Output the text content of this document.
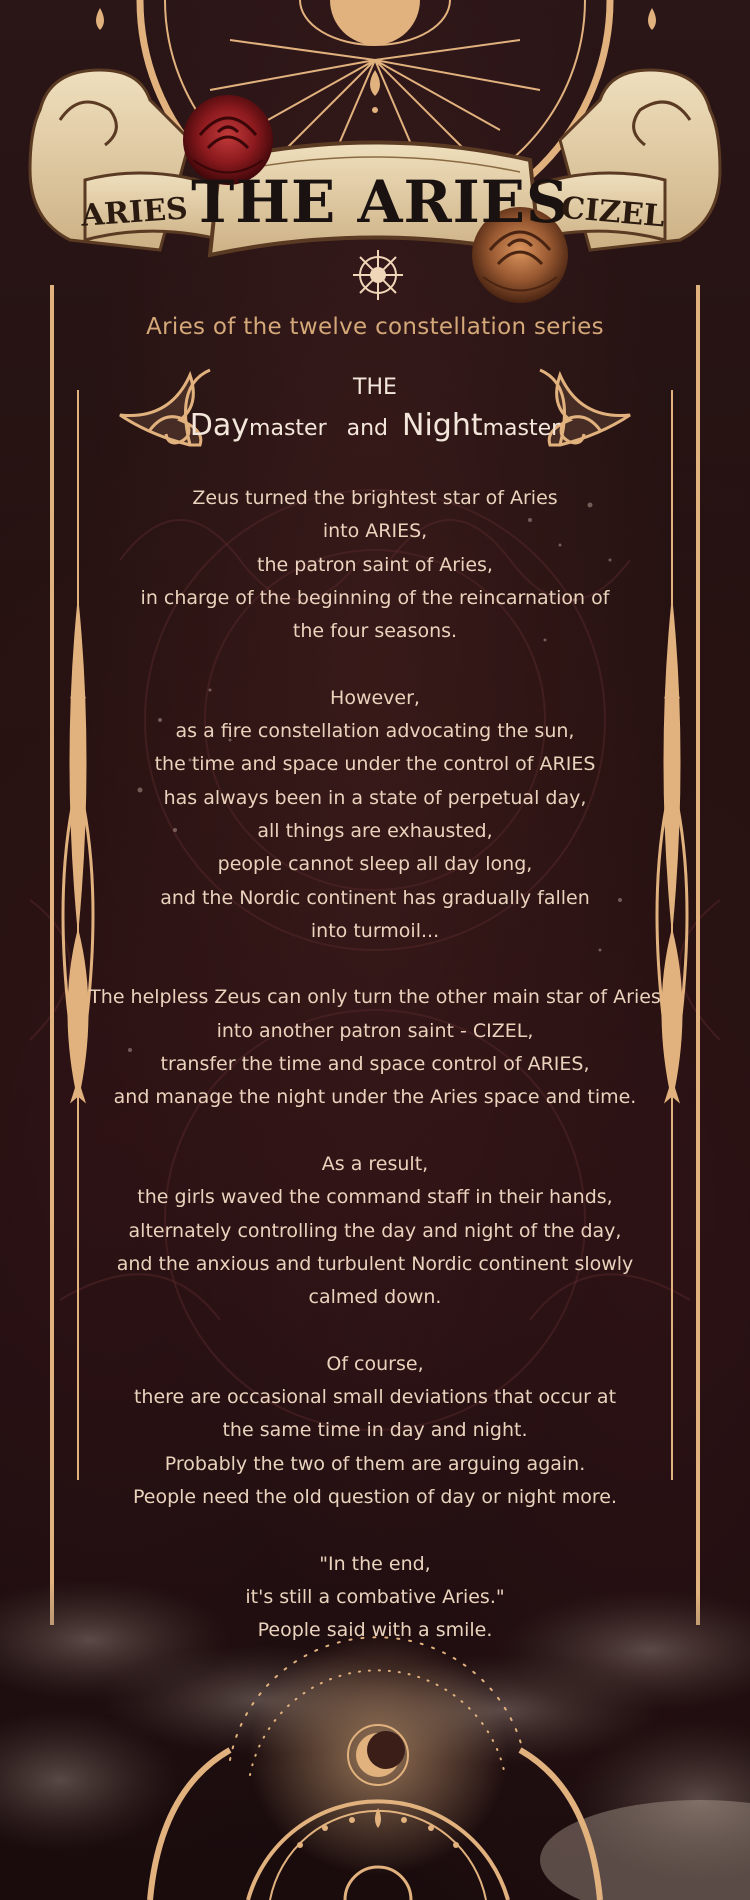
THE ARIES
ARIES	CIZEL
Aries of the twelve constellation series
THE
Daymaster and Nightmaster
Zeus turned the brightest star of Aries
into ARIES,
the patron saint of Aries,
in charge of the beginning of the reincarnation of
the four seasons.
However,
as a fire constellation advocating the sun,
the time and space under the control of ARIES
has always been in a state of perpetual day,
all things are exhausted,
people cannot sleep all day long,
and the Nordic continent has gradually fallen
into turmoil...
The helpless Zeus can only turn the other main star of Aries
into another patron saint - CIZEL,
transfer the time and space control of ARIES,
and manage the night under the Aries space and time.
As a result,
the girls waved the command staff in their hands,
alternately controlling the day and night of the day,
and the anxious and turbulent Nordic continent slowly
calmed down.
Of course,
there are occasional small deviations that occur at
the same time in day and night.
Probably the two of them are arguing again.
People need the old question of day or night more.
"In the end,
it's still a combative Aries."
People said with a smile.
